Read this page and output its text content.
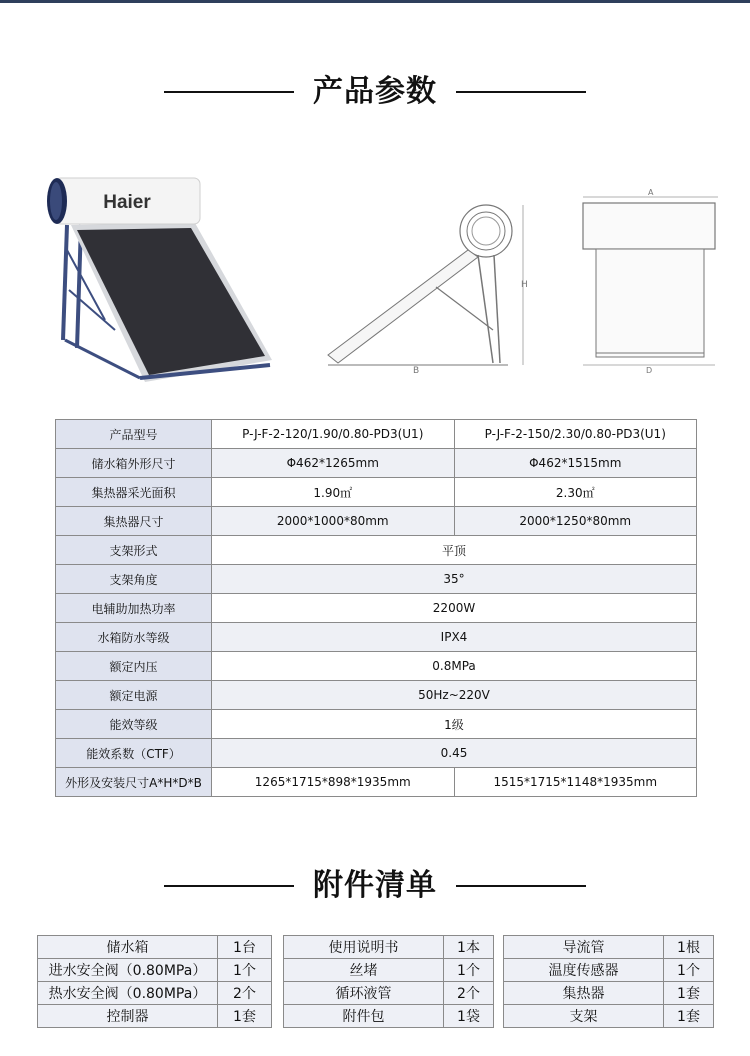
产品参数
Haier
H
B
A
D
产品型号	P-J-F-2-120/1.90/0.80-PD3(U1)	P-J-F-2-150/2.30/0.80-PD3(U1)
储水箱外形尺寸	Φ462*1265mm	Φ462*1515mm
集热器采光面积	1.90㎡	2.30㎡
集热器尺寸	2000*1000*80mm	2000*1250*80mm
支架形式	平顶	
支架角度	35°	
电辅助加热功率	2200W	
水箱防水等级	IPX4	
额定内压	0.8MPa	
额定电源	50Hz~220V	
能效等级	1级	
能效系数（CTF）	0.45	
外形及安装尺寸A*H*D*B	1265*1715*898*1935mm	1515*1715*1148*1935mm
附件清单
储水箱	1台
进水安全阀（0.80MPa）	1个
热水安全阀（0.80MPa）	2个
控制器	1套
使用说明书	1本
丝堵	1个
循环液管	2个
附件包	1袋
导流管	1根
温度传感器	1个
集热器	1套
支架	1套
